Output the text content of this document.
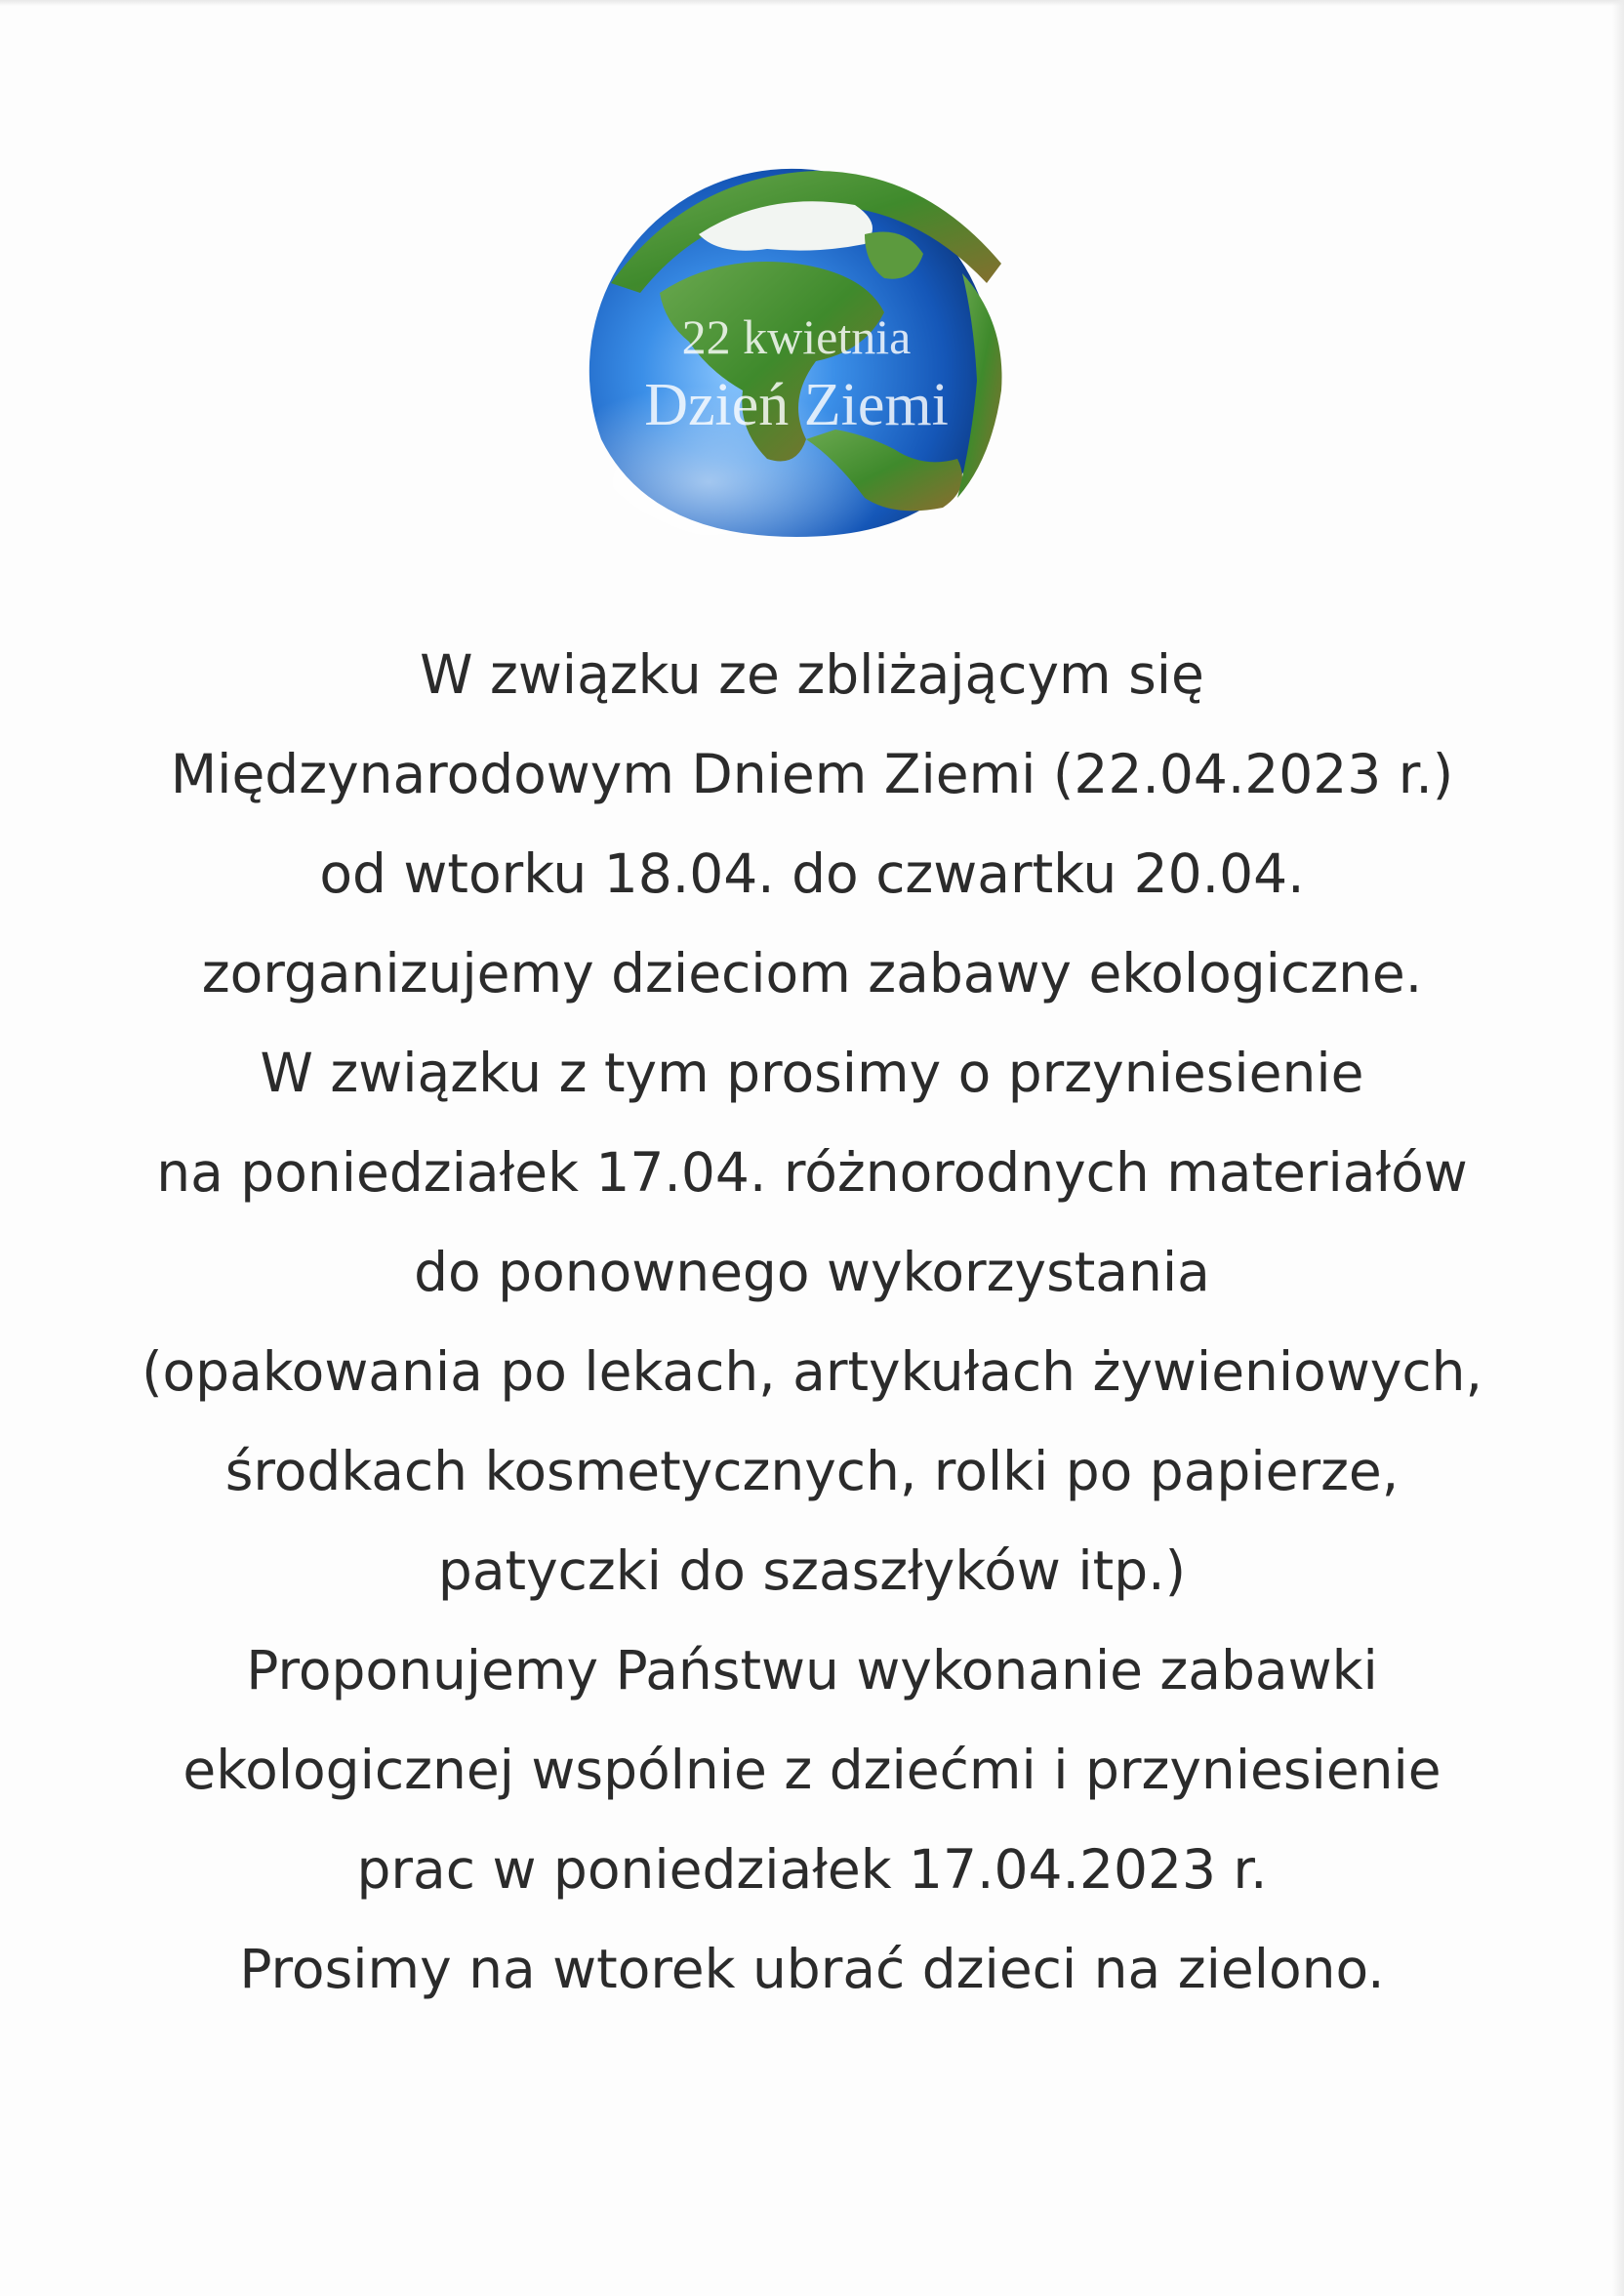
22 kwietnia
Dzień Ziemi

W związku ze zbliżającym się

Międzynarodowym Dniem Ziemi (22.04.2023 r.)

od wtorku 18.04. do czwartku 20.04.

zorganizujemy dzieciom zabawy ekologiczne.

W związku z tym prosimy o przyniesienie

na poniedziałek 17.04. różnorodnych materiałów

do ponownego wykorzystania

(opakowania po lekach, artykułach żywieniowych,

środkach kosmetycznych, rolki po papierze,

patyczki do szaszłyków itp.)

Proponujemy Państwu wykonanie zabawki

ekologicznej wspólnie z dziećmi i przyniesienie

prac w poniedziałek 17.04.2023 r.

Prosimy na wtorek ubrać dzieci na zielono.
